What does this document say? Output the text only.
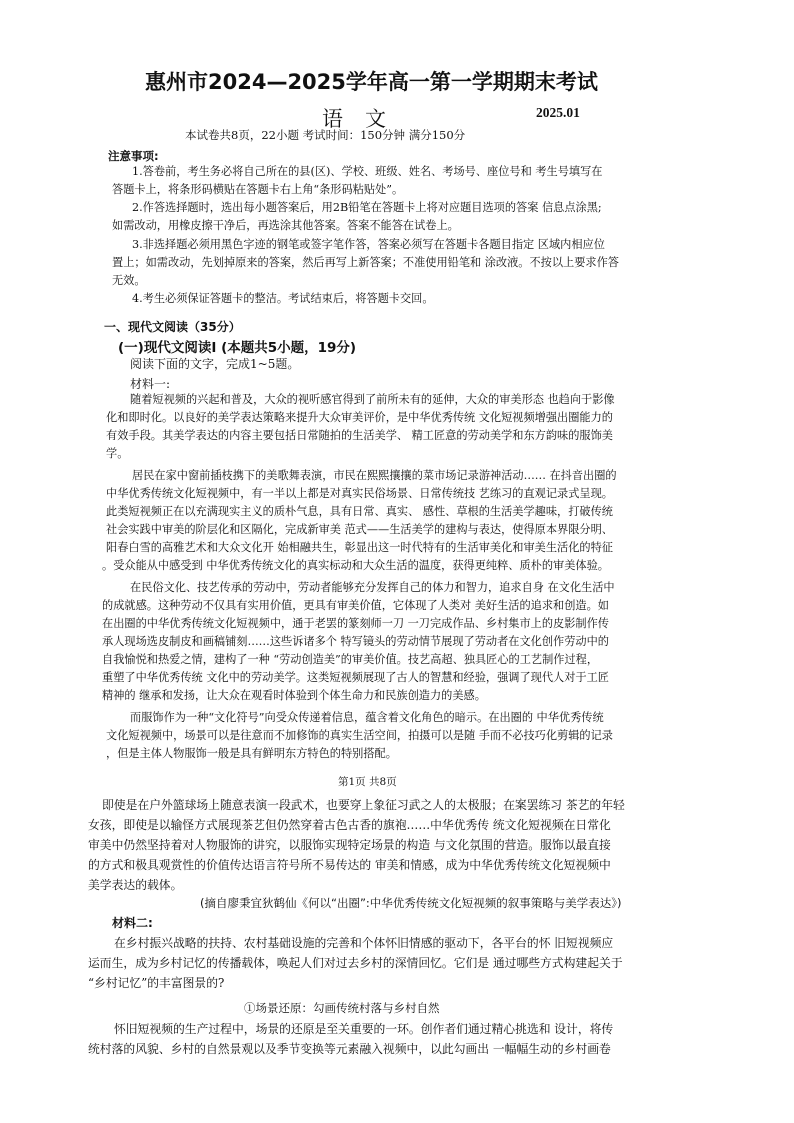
惠州市2024—2025学年高一第一学期期末考试
语文	2025.01
本试卷共8页，22小题 考试时间：150分钟 满分150分
注意事项:
1.答卷前，考生务必将自己所在的县(区)、学校、班级、姓名、考场号、座位号和 考生号填写在
答题卡上，将条形码横贴在答题卡右上角“条形码粘贴处”。
2.作答选择题时，选出每小题答案后，用2B铅笔在答题卡上将对应题目选项的答案 信息点涂黑;
如需改动，用橡皮擦干净后，再选涂其他答案。答案不能答在试卷上。
3.非选择题必须用黑色字迹的钢笔或签字笔作答，答案必须写在答题卡各题目指定 区域内相应位
置上；如需改动，先划掉原来的答案，然后再写上新答案；不准使用铅笔和 涂改液。不按以上要求作答
无效。
4.考生必须保证答题卡的整洁。考试结束后，将答题卡交回。
一、现代文阅读（35分）
(一)现代文阅读I (本题共5小题，19分)
阅读下面的文字，完成1~5题。
材料一:
随着短视频的兴起和普及，大众的视听感官得到了前所未有的延伸，大众的审美形态 也趋向于影像
化和即时化。以良好的美学表达策略来提升大众审美评价，是中华优秀传统 文化短视频增强出圈能力的
有效手段。其美学表达的内容主要包括日常随拍的生活美学、 精工匠意的劳动美学和东方韵味的服饰美
学。
居民在家中窗前插枝携下的美歌舞表演，市民在熙熙攘攘的菜市场记录游神活动…… 在抖音出圈的
中华优秀传统文化短视频中，有一半以上都是对真实民俗场景、日常传统技 艺练习的直观记录式呈现。
此类短视频正在以充满现实主义的质朴气息，具有日常、真实、 感性、草根的生活美学趣味，打破传统
社会实践中审美的阶层化和区隔化，完成新审美 范式——生活美学的建构与表达，使得原本界限分明、
阳春白雪的高雅艺术和大众文化开 始相融共生，彰显出这一时代特有的生活审美化和审美生活化的特征
。受众能从中感受到 中华优秀传统文化的真实标动和大众生活的温度，获得更纯粹、质朴的审美体验。
在民俗文化、技艺传承的劳动中，劳动者能够充分发挥自己的体力和智力，追求自身 在文化生活中
的成就感。这种劳动不仅具有实用价值，更具有审美价值，它体现了人类对 美好生活的追求和创造。如
在出圈的中华优秀传统文化短视频中，通于老罢的篆刻师一刀 一刀完成作品、乡村集市上的皮影制作传
承人现场选皮制皮和画稿铺刻……这些诉诸多个 特写镜头的劳动情节展现了劳动者在文化创作劳动中的
自我愉悦和热爱之情，建构了一种 “劳动创造美”的审美价值。技艺高超、独具匠心的工艺制作过程，
重塑了中华优秀传统 文化中的劳动美学。这类短视频展现了古人的智慧和经验，强调了现代人对于工匠
精神的 继承和发扬，让大众在观看时体验到个体生命力和民族创造力的美感。
而服饰作为一种“文化符号”向受众传递着信息，蕴含着文化角色的暗示。在出圈的 中华优秀传统
文化短视频中，场景可以是往意而不加修饰的真实生活空间，拍摄可以是随 手而不必技巧化剪辑的记录
，但是主体人物服饰一般是具有鲜明东方特色的特别搭配。
第1页 共8页
即使是在户外篮球场上随意表演一段武术，也要穿上象征习武之人的太极服；在案罢练习 茶艺的年轻
女孩，即使是以输怪方式展现茶艺但仍然穿着古色古香的旗袍……中华优秀传 统文化短视频在日常化
审美中仍然坚持着对人物服饰的讲究，以服饰实现特定场景的构造 与文化氛围的营造。服饰以最直接
的方式和极具观赏性的价值传达语言符号所不易传达的 审美和情感，成为中华优秀传统文化短视频中
美学表达的载体。
(摘自廖秉宜狄鹤仙《何以“出圈”:中华优秀传统文化短视频的叙事策略与美学表达》)
材料二:
在乡村振兴战略的扶持、农村基础设施的完善和个体怀旧情感的驱动下，各平台的怀 旧短视频应
运而生，成为乡村记忆的传播载体，唤起人们对过去乡村的深情回忆。它们是 通过哪些方式构建起关于
“乡村记忆”的丰富图景的?
①场景还原：勾画传统村落与乡村自然
怀旧短视频的生产过程中，场景的还原是至关重要的一环。创作者们通过精心挑选和 设计，将传
统村落的风貌、乡村的自然景观以及季节变换等元素融入视频中，以此勾画出 一幅幅生动的乡村画卷
